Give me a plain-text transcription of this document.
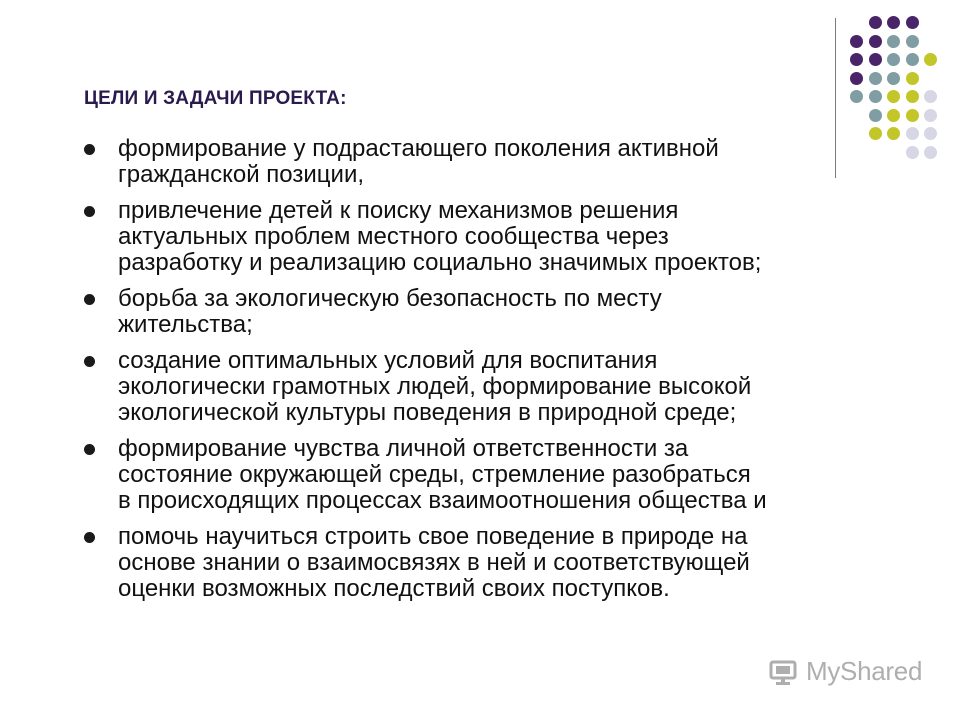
ЦЕЛИ И ЗАДАЧИ ПРОЕКТА:
формирование у подрастающего поколения активной
гражданской позиции,
привлечение детей к поиску механизмов решения
актуальных проблем местного сообщества через
разработку и реализацию социально значимых проектов;
борьба за экологическую безопасность по месту
жительства;
создание оптимальных условий для воспитания
экологически грамотных людей, формирование высокой
экологической культуры поведения в природной среде;
формирование чувства личной ответственности за
состояние окружающей среды, стремление разобраться
в происходящих процессах взаимоотношения общества и
помочь научиться строить свое поведение в природе на
основе знании о взаимосвязях в ней и соответствующей
оценки возможных последствий своих поступков.
MyShared
